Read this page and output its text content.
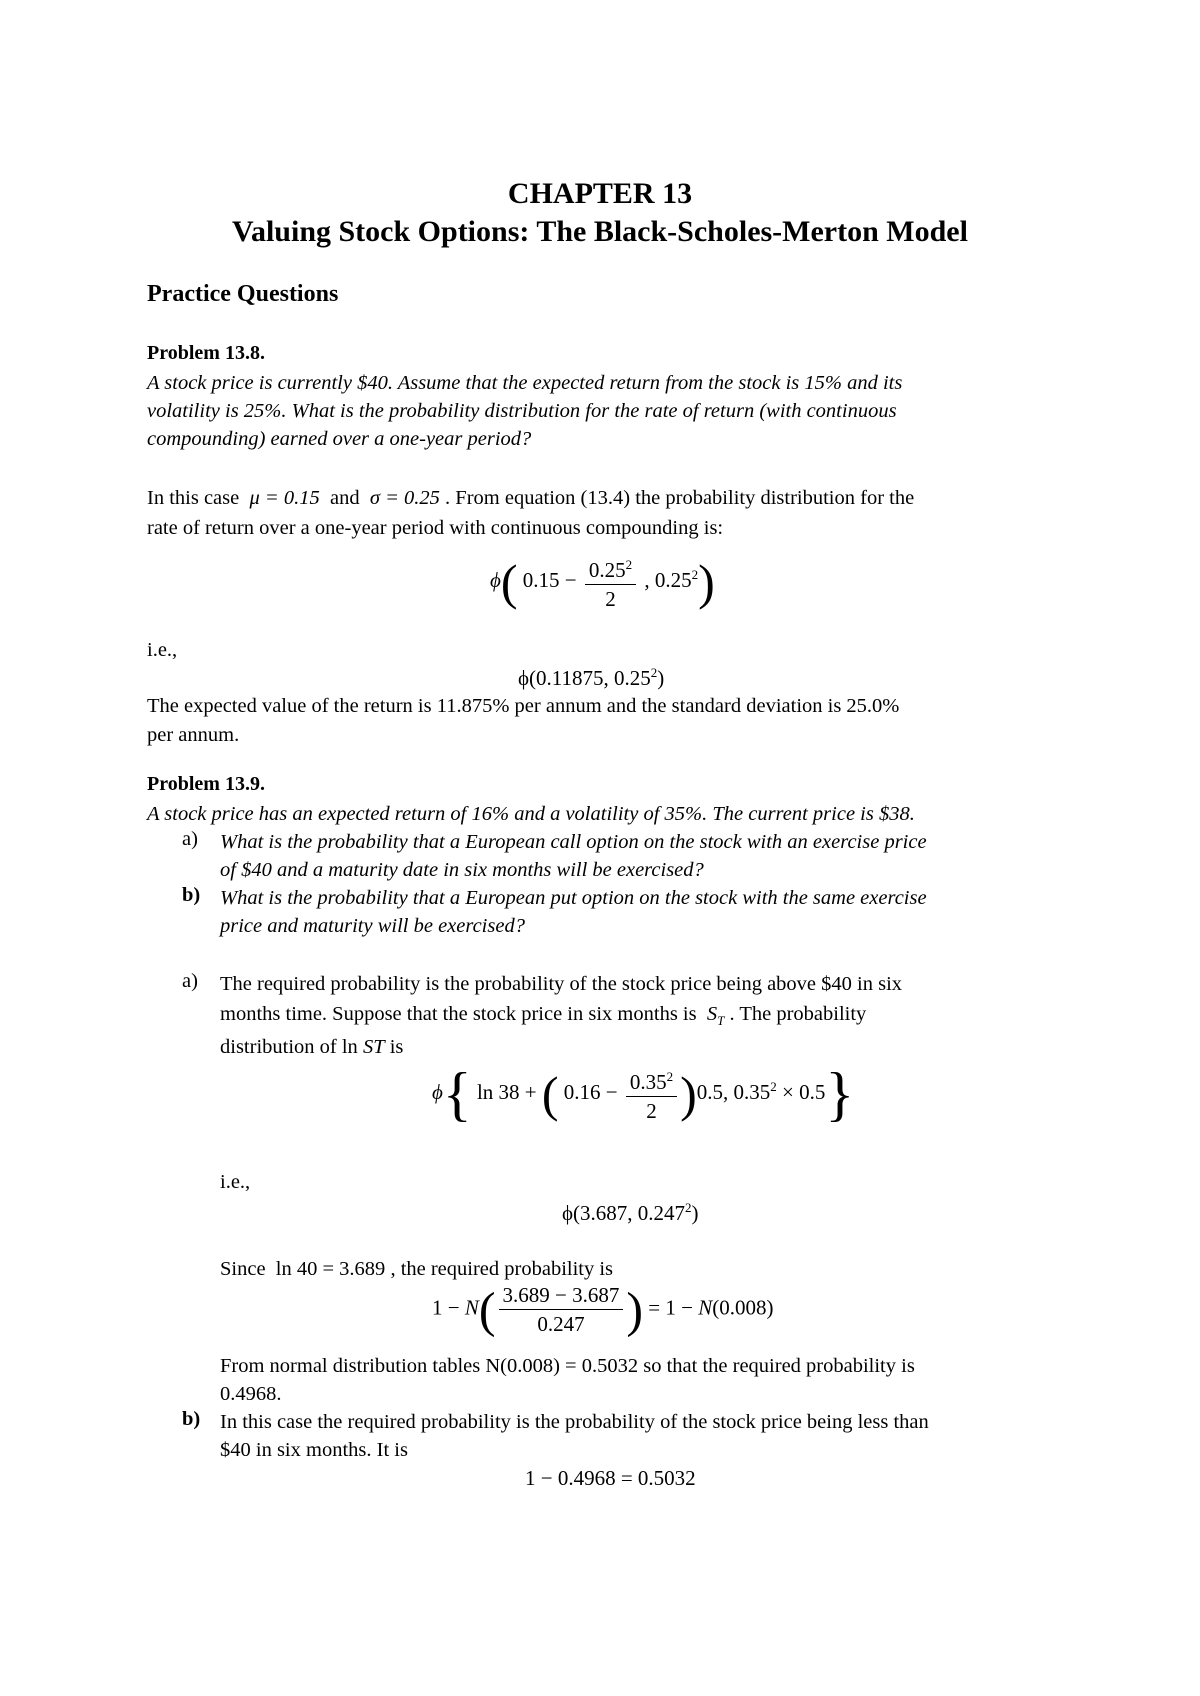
CHAPTER 13
Valuing Stock Options: The Black-Scholes-Merton Model
Practice Questions
Problem 13.8.
A stock price is currently $40. Assume that the expected return from the stock is 15% and its
volatility is 25%. What is the probability distribution for the rate of return (with continuous
compounding) earned over a one-year period?
In this case μ = 0.15 and σ = 0.25 . From equation (13.4) the probability distribution for the
rate of return over a one-year period with continuous compounding is:
ϕ( $0.15 - \frac{0.25^2}{2}$ , 0.25$^2$)
i.e.,
ϕ(0.11875, 0.25$^2$)
The expected value of the return is 11.875% per annum and the standard deviation is 25.0%
per annum.
Problem 13.9.
A stock price has an expected return of 16% and a volatility of 35%. The current price is $38.
a) What is the probability that a European call option on the stock with an exercise price
of $40 and a maturity date in six months will be exercised?
b) What is the probability that a European put option on the stock with the same exercise
price and maturity will be exercised?
a) The required probability is the probability of the stock price being above $40 in six
months time. Suppose that the stock price in six months is $S_T$ . The probability
distribution of ln ST is
ϕ{ ln 38 + ( $0.16 - \frac{0.35^2}{2} )0.5$, $0.35^2 \times 0.5$}
i.e.,
ϕ(3.687, 0.247$^2$)
Since ln 40 = 3.689 , the required probability is
$1 - N( \frac{3.689 - 3.687}{0.247}$ ) = 1 − N(0.008)
From normal distribution tables N(0.008) = 0.5032 so that the required probability is
0.4968.
b) In this case the required probability is the probability of the stock price being less than
$40 in six months. It is
1 − 0.4968 = 0.5032
